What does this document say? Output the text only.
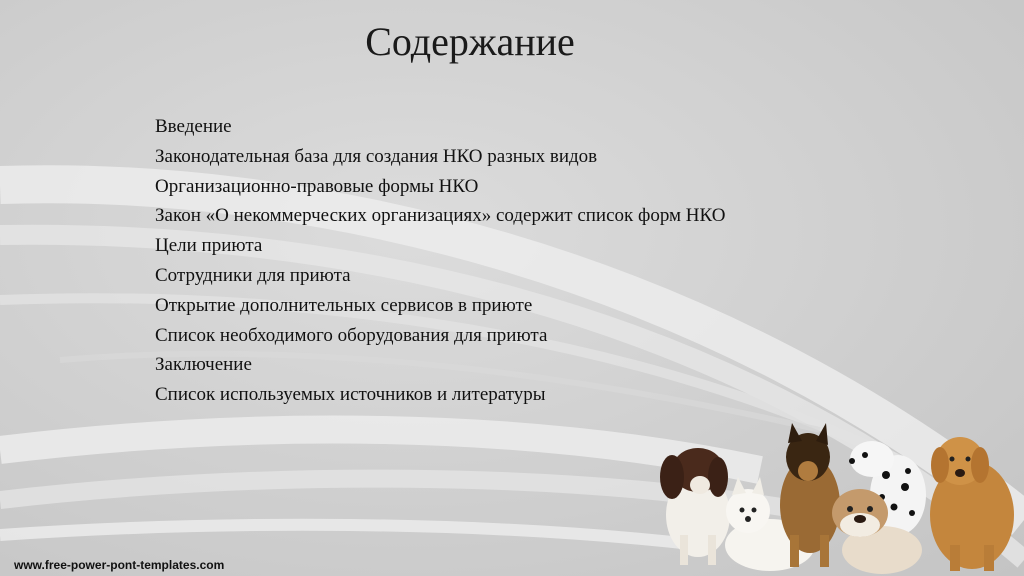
Содержание
Введение
Законодательная база для создания НКО разных видов
Организационно-правовые формы НКО
Закон «О некоммерческих организациях» содержит список форм НКО
Цели приюта
Сотрудники для приюта
Открытие дополнительных сервисов в приюте
Список необходимого оборудования для приюта
Заключение
Список используемых источников и литературы
www.free-power-pont-templates.com
